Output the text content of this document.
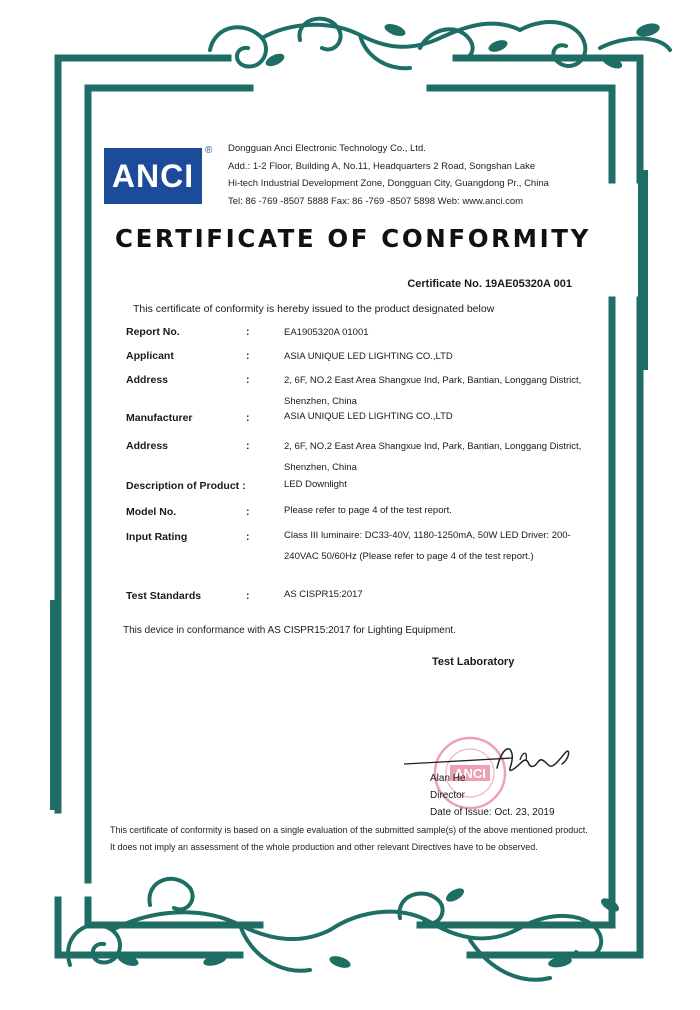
ANCI
® Dongguan Anci Electronic Technology Co., Ltd.
Add.: 1-2 Floor, Building A, No.11, Headquarters 2 Road, Songshan Lake
Hi-tech Industrial Development Zone, Dongguan City, Guangdong Pr., China
Tel: 86 -769 -8507 5888 Fax: 86 -769 -8507 5898 Web: www.anci.com
CERTIFICATE OF CONFORMITY
Certificate No. 19AE05320A 001
This certificate of conformity is hereby issued to the product designated below
Report No.	:	EA1905320A 01001
Applicant	:	ASIA UNIQUE LED LIGHTING CO.,LTD
Address	:	2, 6F, NO.2 East Area Shangxue Ind, Park, Bantian, Longgang District, Shenzhen, China
Manufacturer	:	ASIA UNIQUE LED LIGHTING CO.,LTD
Address	:	2, 6F, NO.2 East Area Shangxue Ind, Park, Bantian, Longgang District, Shenzhen, China
Description of Product :	LED Downlight
Model No.	:	Please refer to page 4 of the test report.
Input Rating	:	Class III luminaire: DC33-40V, 1180-1250mA, 50W LED Driver: 200-240VAC 50/60Hz (Please refer to page 4 of the test report.)
Test Standards	:	AS CISPR15:2017
This device in conformance with AS CISPR15:2017 for Lighting Equipment.
Test Laboratory
ANCI
Alan He
Director
Date of Issue: Oct. 23, 2019
This certificate of conformity is based on a single evaluation of the submitted sample(s) of the above mentioned product. It does not imply an assessment of the whole production and other relevant Directives have to be observed.
